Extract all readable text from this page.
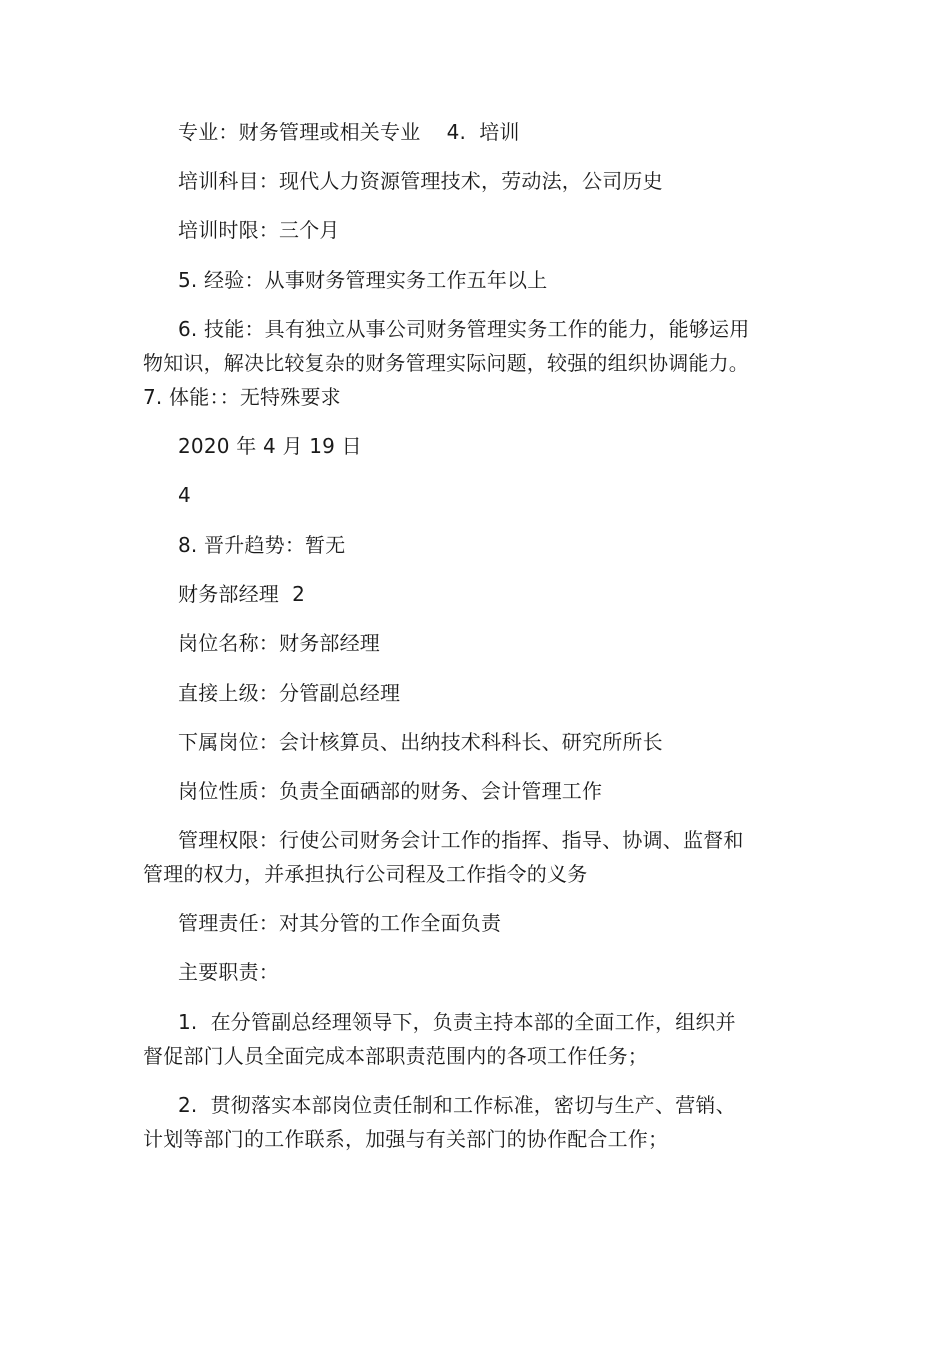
专业：财务管理或相关专业    4.  培训
培训科目：现代人力资源管理技术，劳动法，公司历史
培训时限：三个月
5. 经验：从事财务管理实务工作五年以上
6. 技能：具有独立从事公司财务管理实务工作的能力，能够运用
物知识，解决比较复杂的财务管理实际问题，较强的组织协调能力。
7. 体能：：无特殊要求
2020 年 4 月 19 日
4
8. 晋升趋势：暂无
财务部经理  2
岗位名称：财务部经理
直接上级：分管副总经理
下属岗位：会计核算员、出纳技术科科长、研究所所长
岗位性质：负责全面硒部的财务、会计管理工作
管理权限：行使公司财务会计工作的指挥、指导、协调、监督和
管理的权力，并承担执行公司程及工作指令的义务
管理责任：对其分管的工作全面负责
主要职责：
1.  在分管副总经理领导下，负责主持本部的全面工作，组织并
督促部门人员全面完成本部职责范围内的各项工作任务；
2.  贯彻落实本部岗位责任制和工作标准，密切与生产、营销、
计划等部门的工作联系，加强与有关部门的协作配合工作；
